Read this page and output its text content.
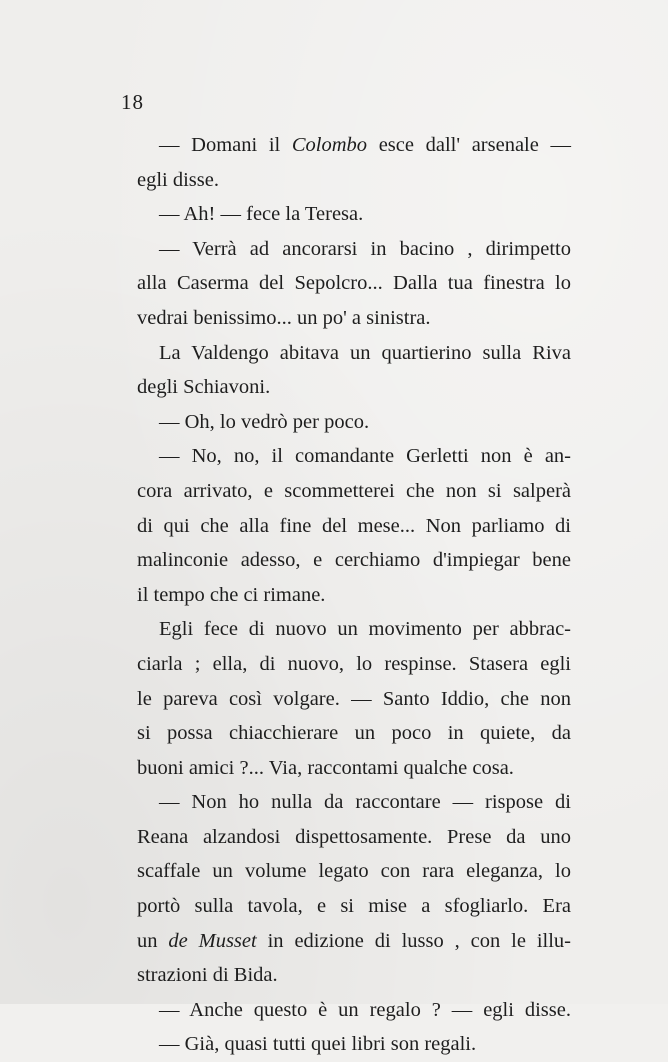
18
— Domani il Colombo esce dall' arsenale —
egli disse.
— Ah! — fece la Teresa.
— Verrà ad ancorarsi in bacino , dirimpetto
alla Caserma del Sepolcro... Dalla tua finestra lo
vedrai benissimo... un po' a sinistra.
La Valdengo abitava un quartierino sulla Riva
degli Schiavoni.
— Oh, lo vedrò per poco.
— No, no, il comandante Gerletti non è an-
cora arrivato, e scommetterei che non si salperà
di qui che alla fine del mese... Non parliamo di
malinconie adesso, e cerchiamo d'impiegar bene
il tempo che ci rimane.
Egli fece di nuovo un movimento per abbrac-
ciarla ; ella, di nuovo, lo respinse. Stasera egli
le pareva così volgare. — Santo Iddio, che non
si possa chiacchierare un poco in quiete, da
buoni amici ?... Via, raccontami qualche cosa.
— Non ho nulla da raccontare — rispose di
Reana alzandosi dispettosamente. Prese da uno
scaffale un volume legato con rara eleganza, lo
portò sulla tavola, e si mise a sfogliarlo. Era
un de Musset in edizione di lusso , con le illu-
strazioni di Bida.
— Anche questo è un regalo ? — egli disse.
— Già, quasi tutti quei libri son regali.
